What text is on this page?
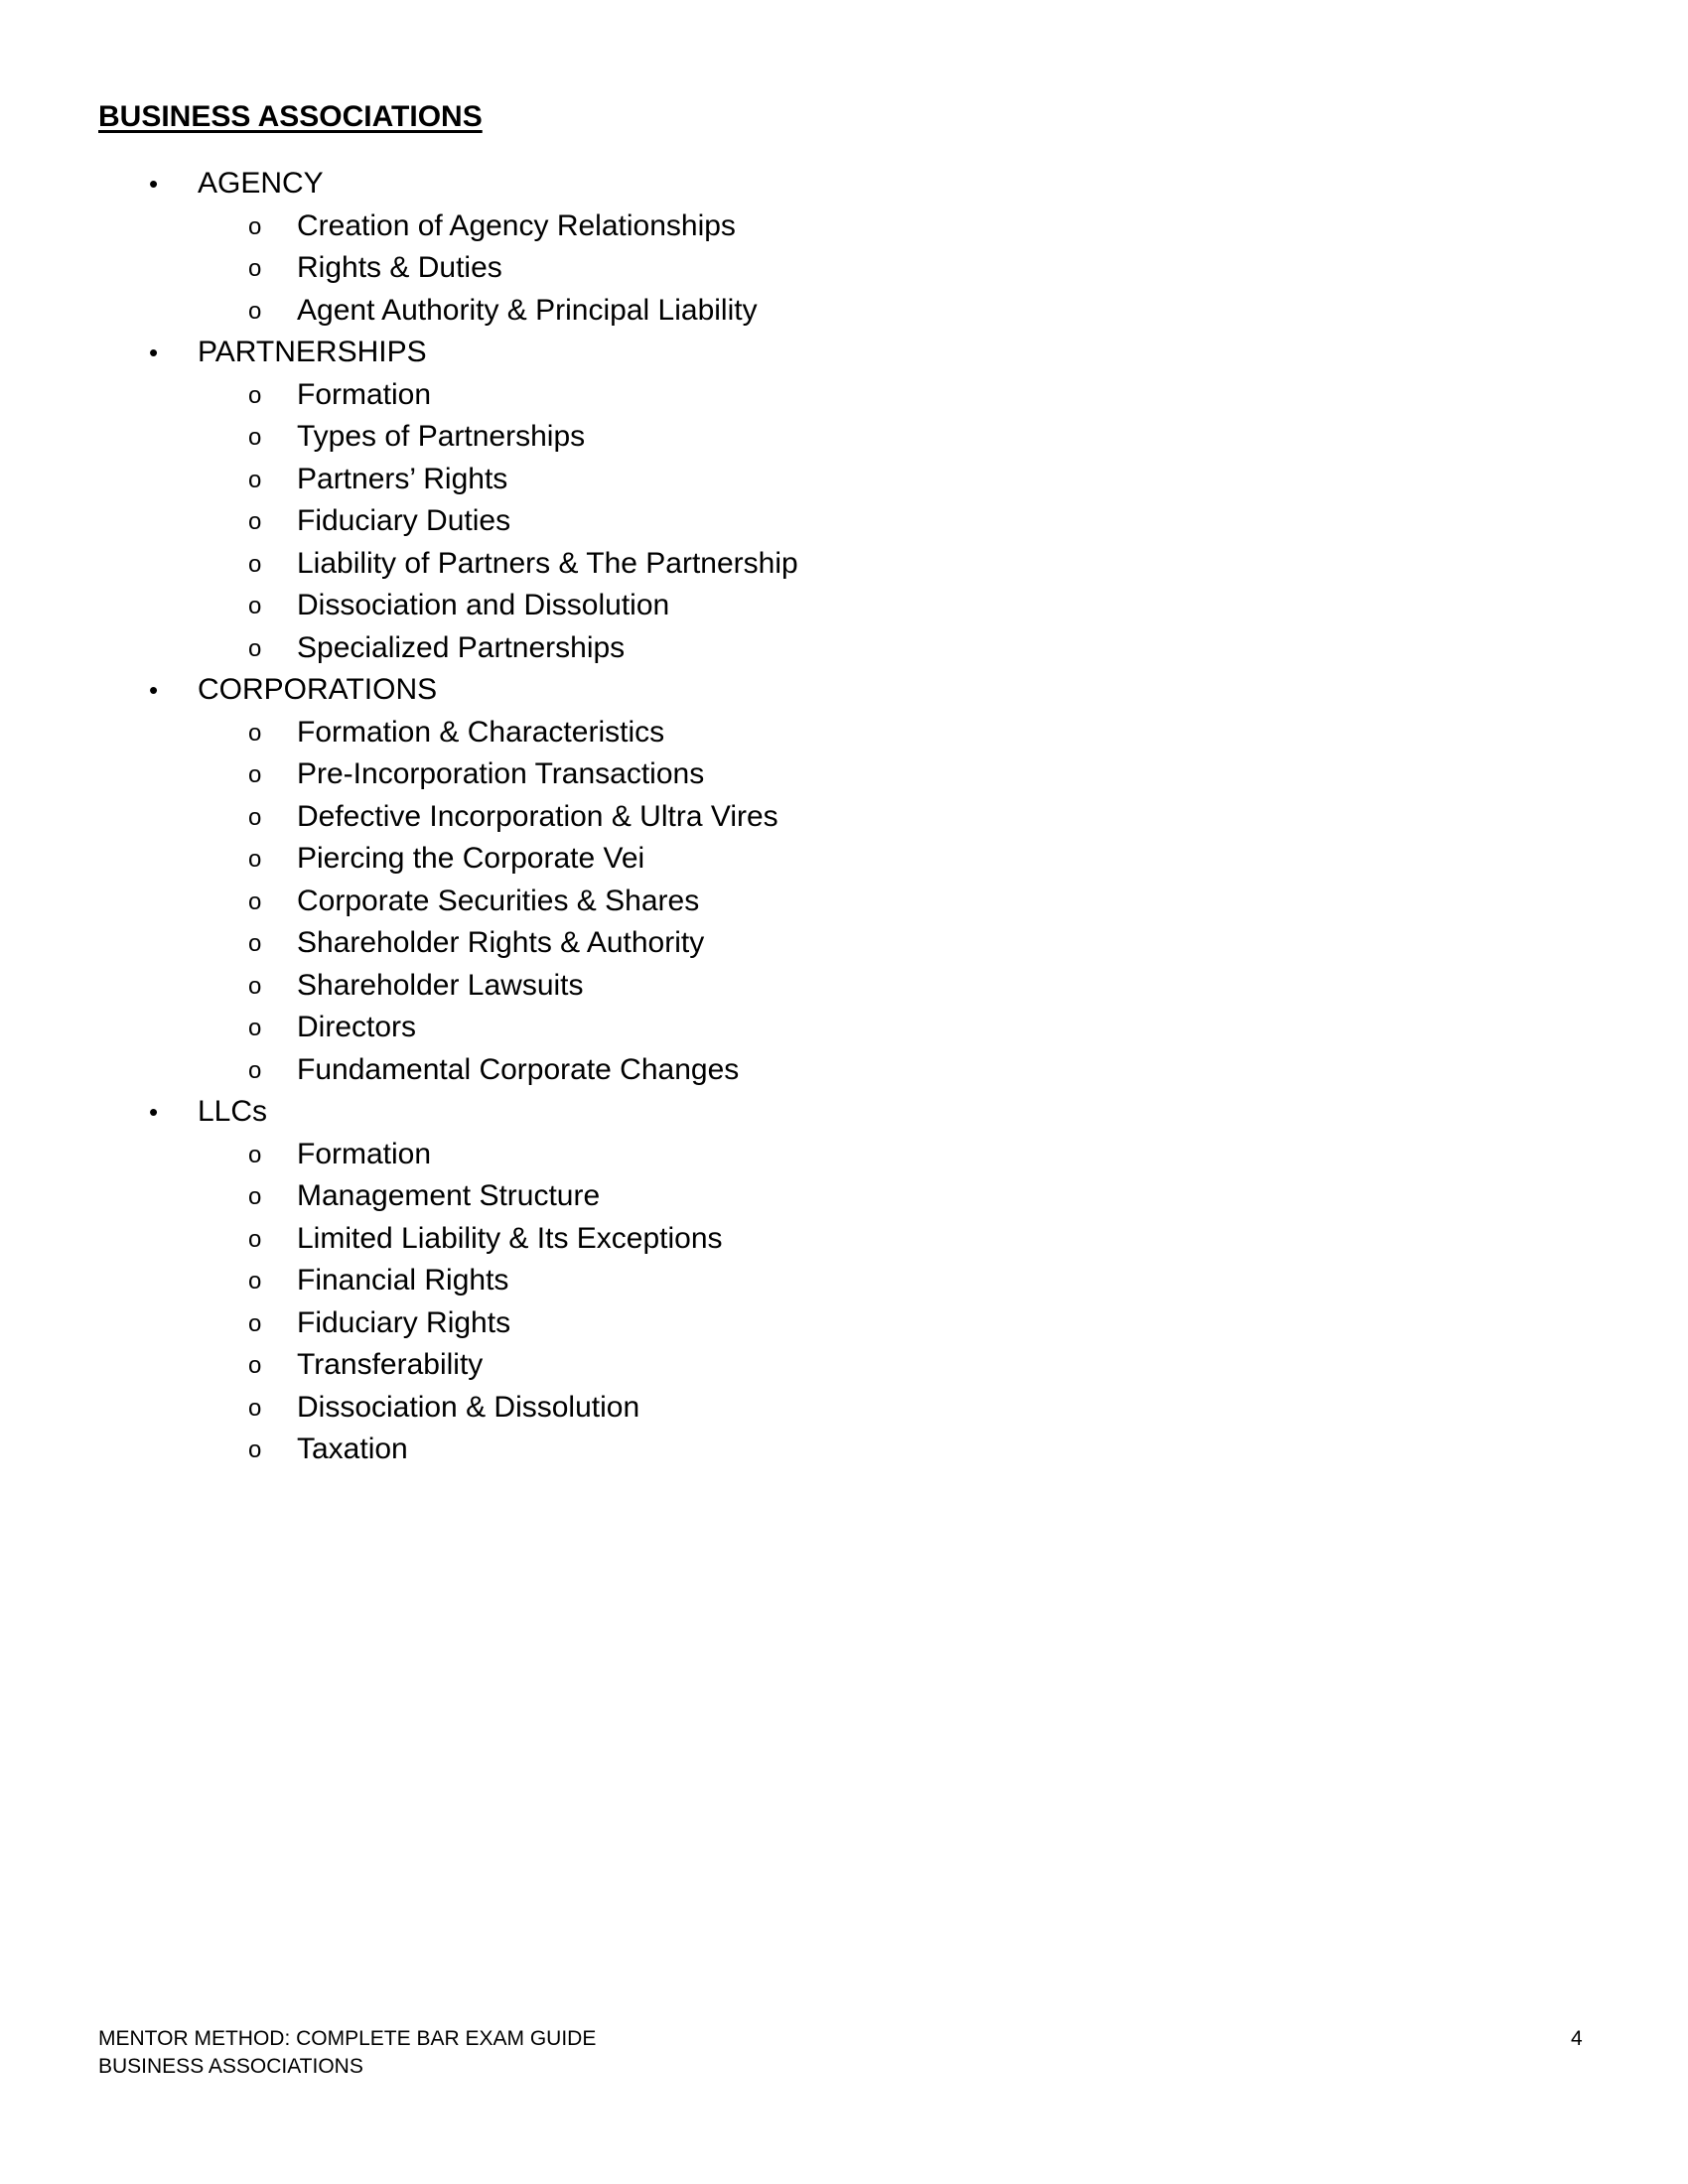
BUSINESS ASSOCIATIONS
• AGENCY
o Creation of Agency Relationships
o Rights & Duties
o Agent Authority & Principal Liability
• PARTNERSHIPS
o Formation
o Types of Partnerships
o Partners’ Rights
o Fiduciary Duties
o Liability of Partners & The Partnership
o Dissociation and Dissolution
o Specialized Partnerships
• CORPORATIONS
o Formation & Characteristics
o Pre-Incorporation Transactions
o Defective Incorporation & Ultra Vires
o Piercing the Corporate Vei
o Corporate Securities & Shares
o Shareholder Rights & Authority
o Shareholder Lawsuits
o Directors
o Fundamental Corporate Changes
• LLCs
o Formation
o Management Structure
o Limited Liability & Its Exceptions
o Financial Rights
o Fiduciary Rights
o Transferability
o Dissociation & Dissolution
o Taxation
MENTOR METHOD: COMPLETE BAR EXAM GUIDE
BUSINESS ASSOCIATIONS
4
